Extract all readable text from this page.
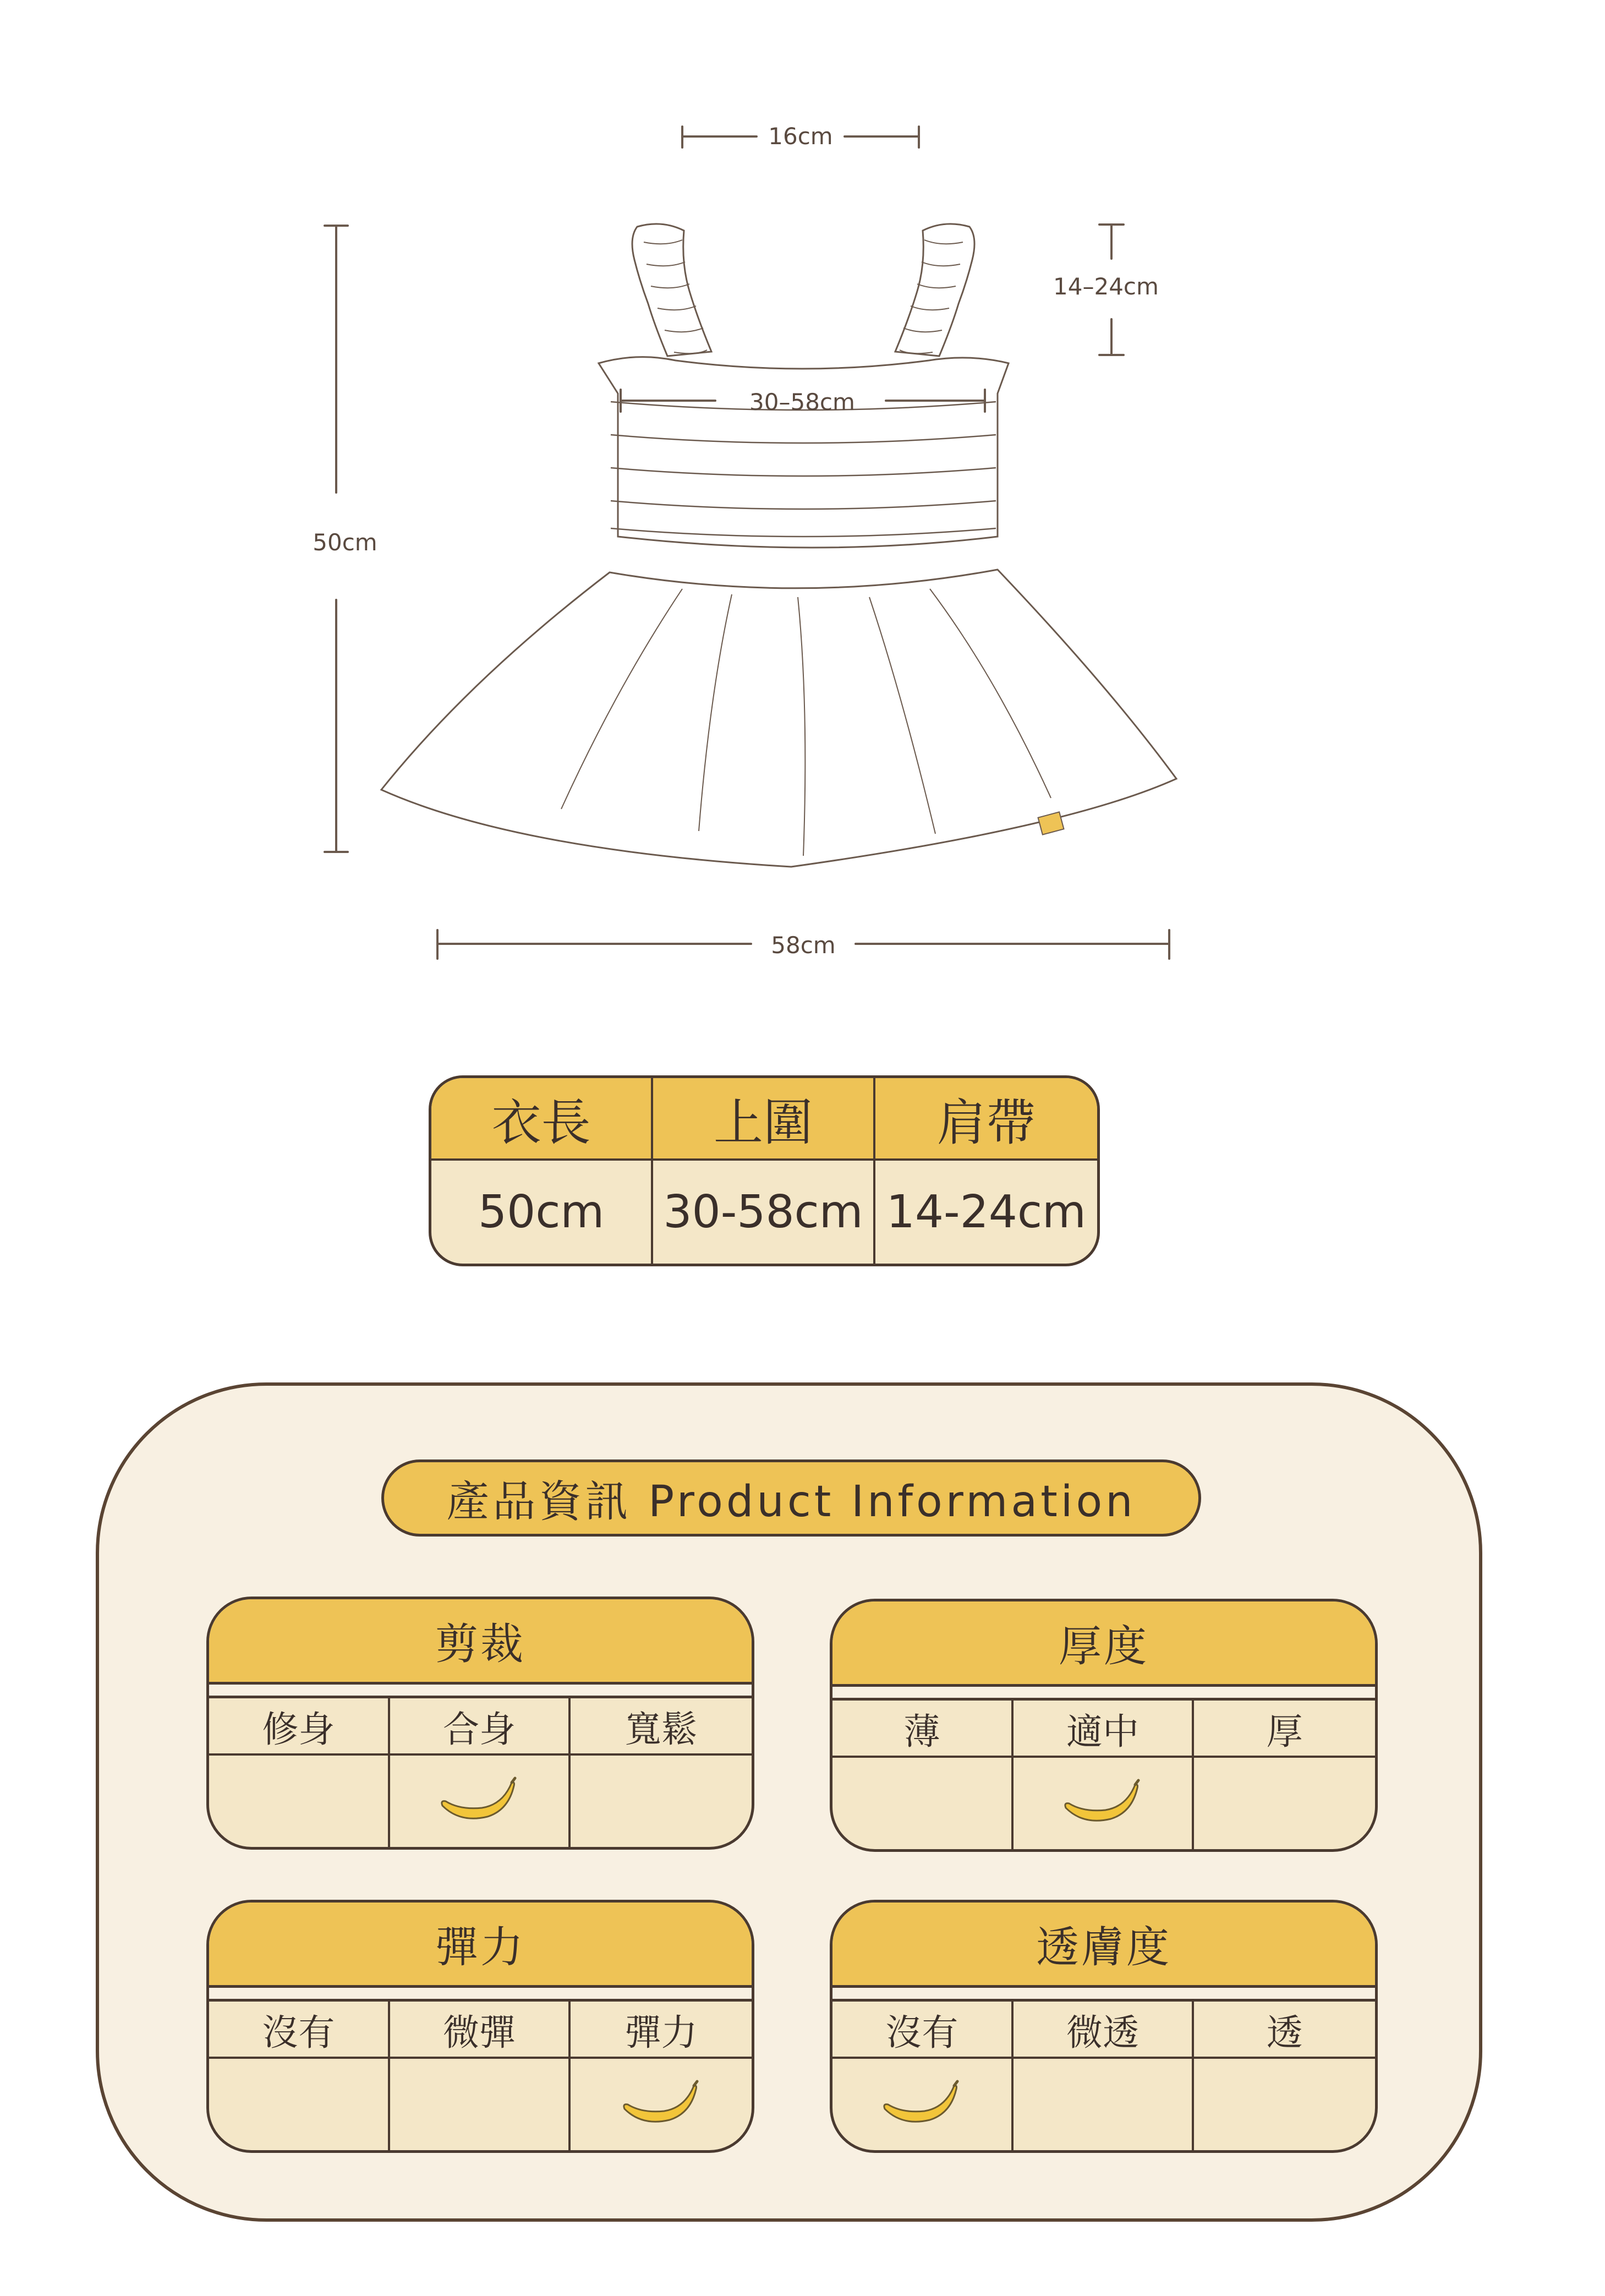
16cm
14–24cm
30–58cm
50cm
58cm
衣長	上圍	肩帶
50cm	30-58cm 14-24cm
產品資訊 Product Information
剪裁
修身	合身	寬鬆
厚度
薄	適中	厚
彈力
沒有	微彈	彈力
透膚度
沒有	微透	透
